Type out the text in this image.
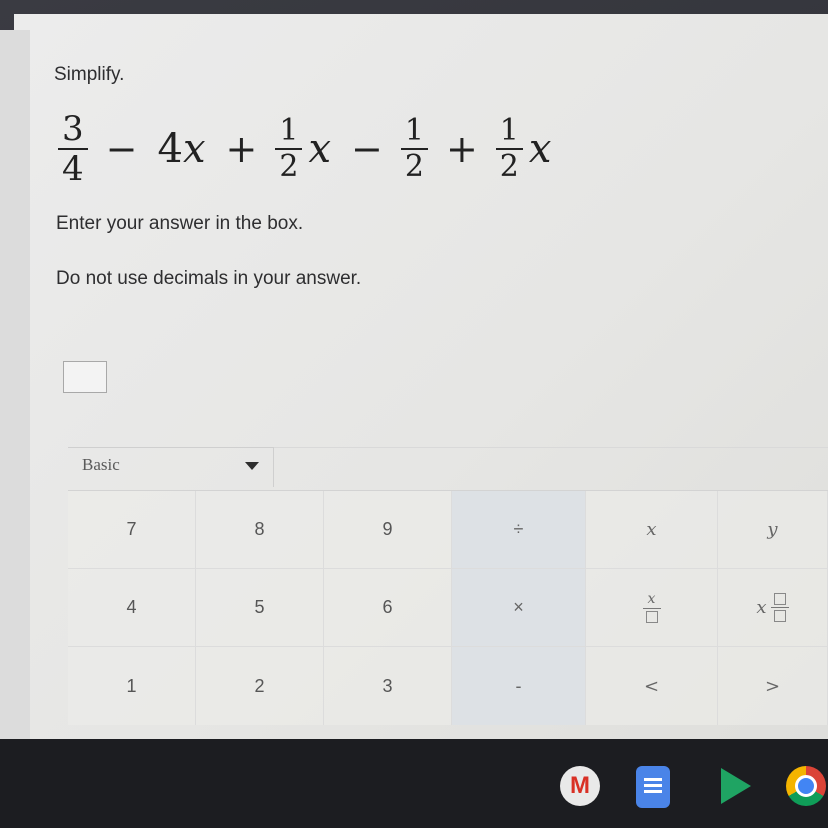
Simplify.
$\frac{3}{4} - 4x + \frac{1}{2}$ $x - \frac{1}{2} + \frac{1}{2}$ x
Enter your answer in the box.
Do not use decimals in your answer.
Basic
7	8	9	÷	x	y
4	5	6	×	x	x
1	2	3	-	<	>
M
